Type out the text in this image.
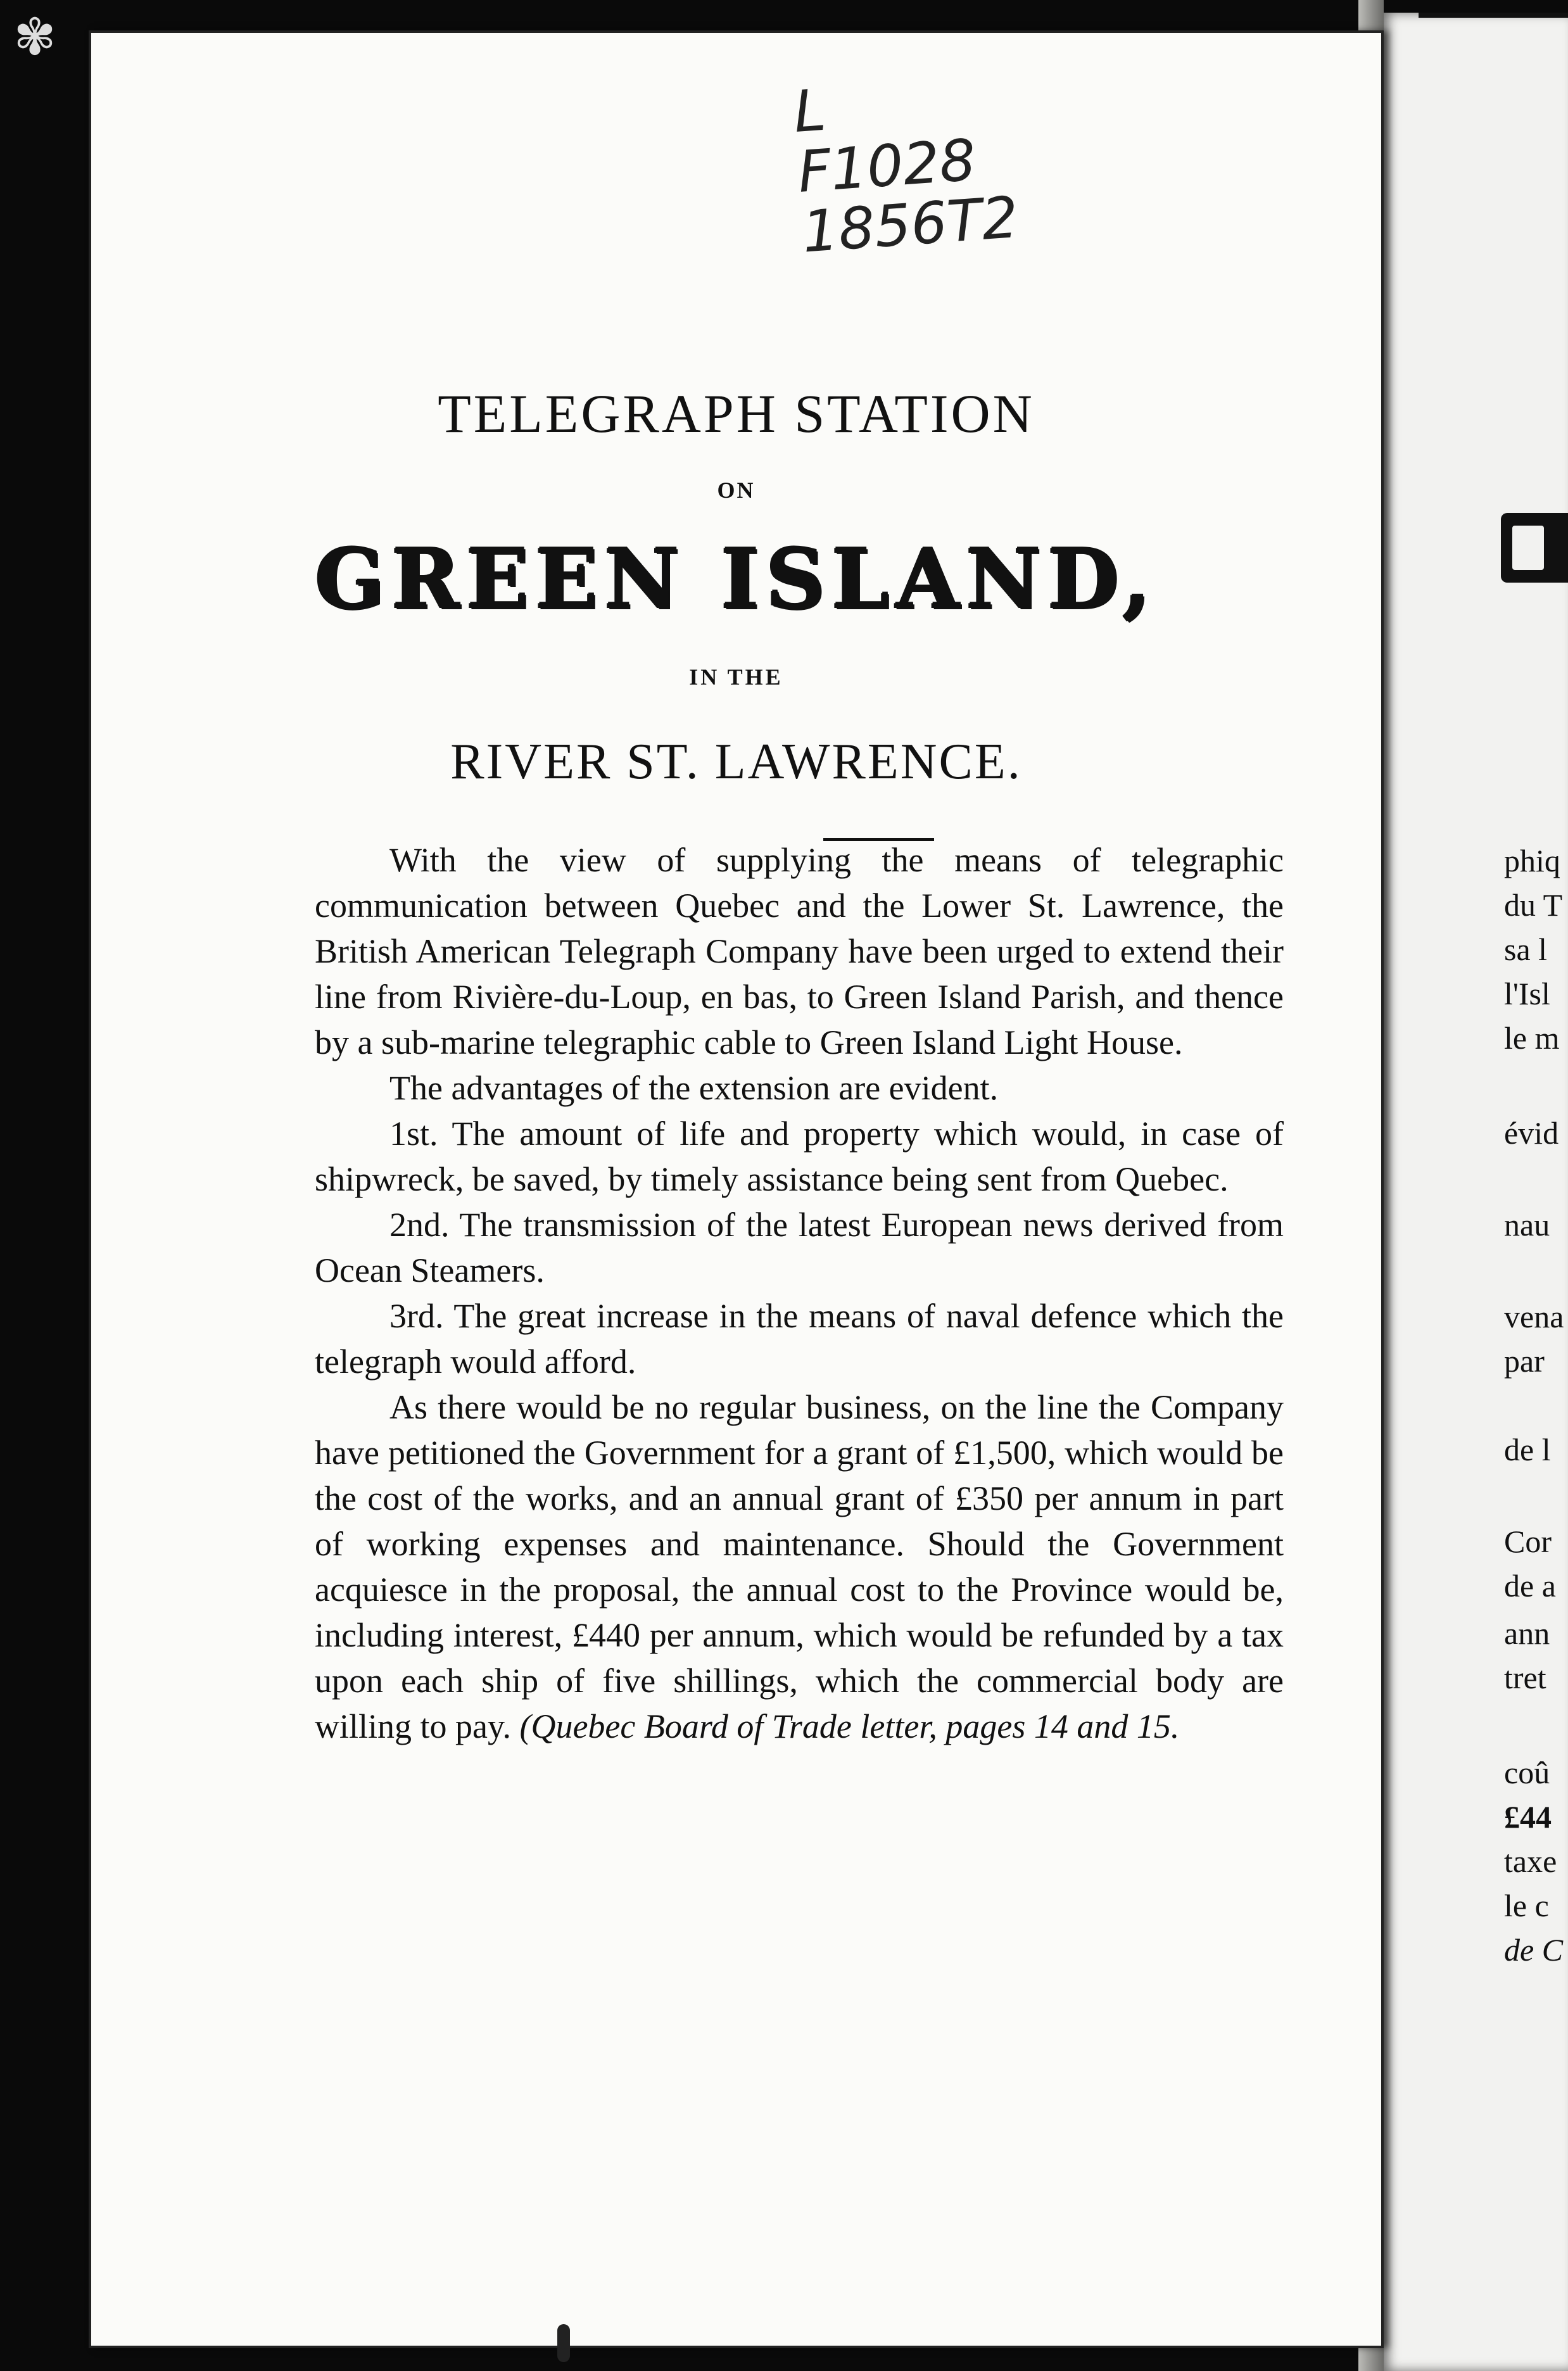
✾
phiq
du T
sa l
l'Isl
le m
évid
nau
vena
par
de l
Cor
de a
ann
tret
coû
£44
taxe
le c
de C
L
F1028
1856T2
TELEGRAPH STATION
ON
GREEN ISLAND,
IN THE
RIVER ST. LAWRENCE.

With the view of supplying the means of telegraphic communication between Quebec and the Lower St. Lawrence, the British American Telegraph Company have been urged to extend their line from Rivière-du-Loup, en bas, to Green Island Parish, and thence by a sub-marine telegraphic cable to Green Island Light House.

The advantages of the extension are evident.

1st. The amount of life and property which would, in case of shipwreck, be saved, by timely assistance being sent from Quebec.

2nd. The transmission of the latest European news derived from Ocean Steamers.

3rd. The great increase in the means of naval defence which the telegraph would afford.

As there would be no regular business, on the line the Company have petitioned the Government for a grant of £1,500, which would be the cost of the works, and an annual grant of £350 per annum in part of working expenses and maintenance. Should the Government acquiesce in the proposal, the annual cost to the Province would be, including interest, £440 per annum, which would be refunded by a tax upon each ship of five shillings, which the commercial body are willing to pay. (Quebec Board of Trade letter, pages 14 and 15.
